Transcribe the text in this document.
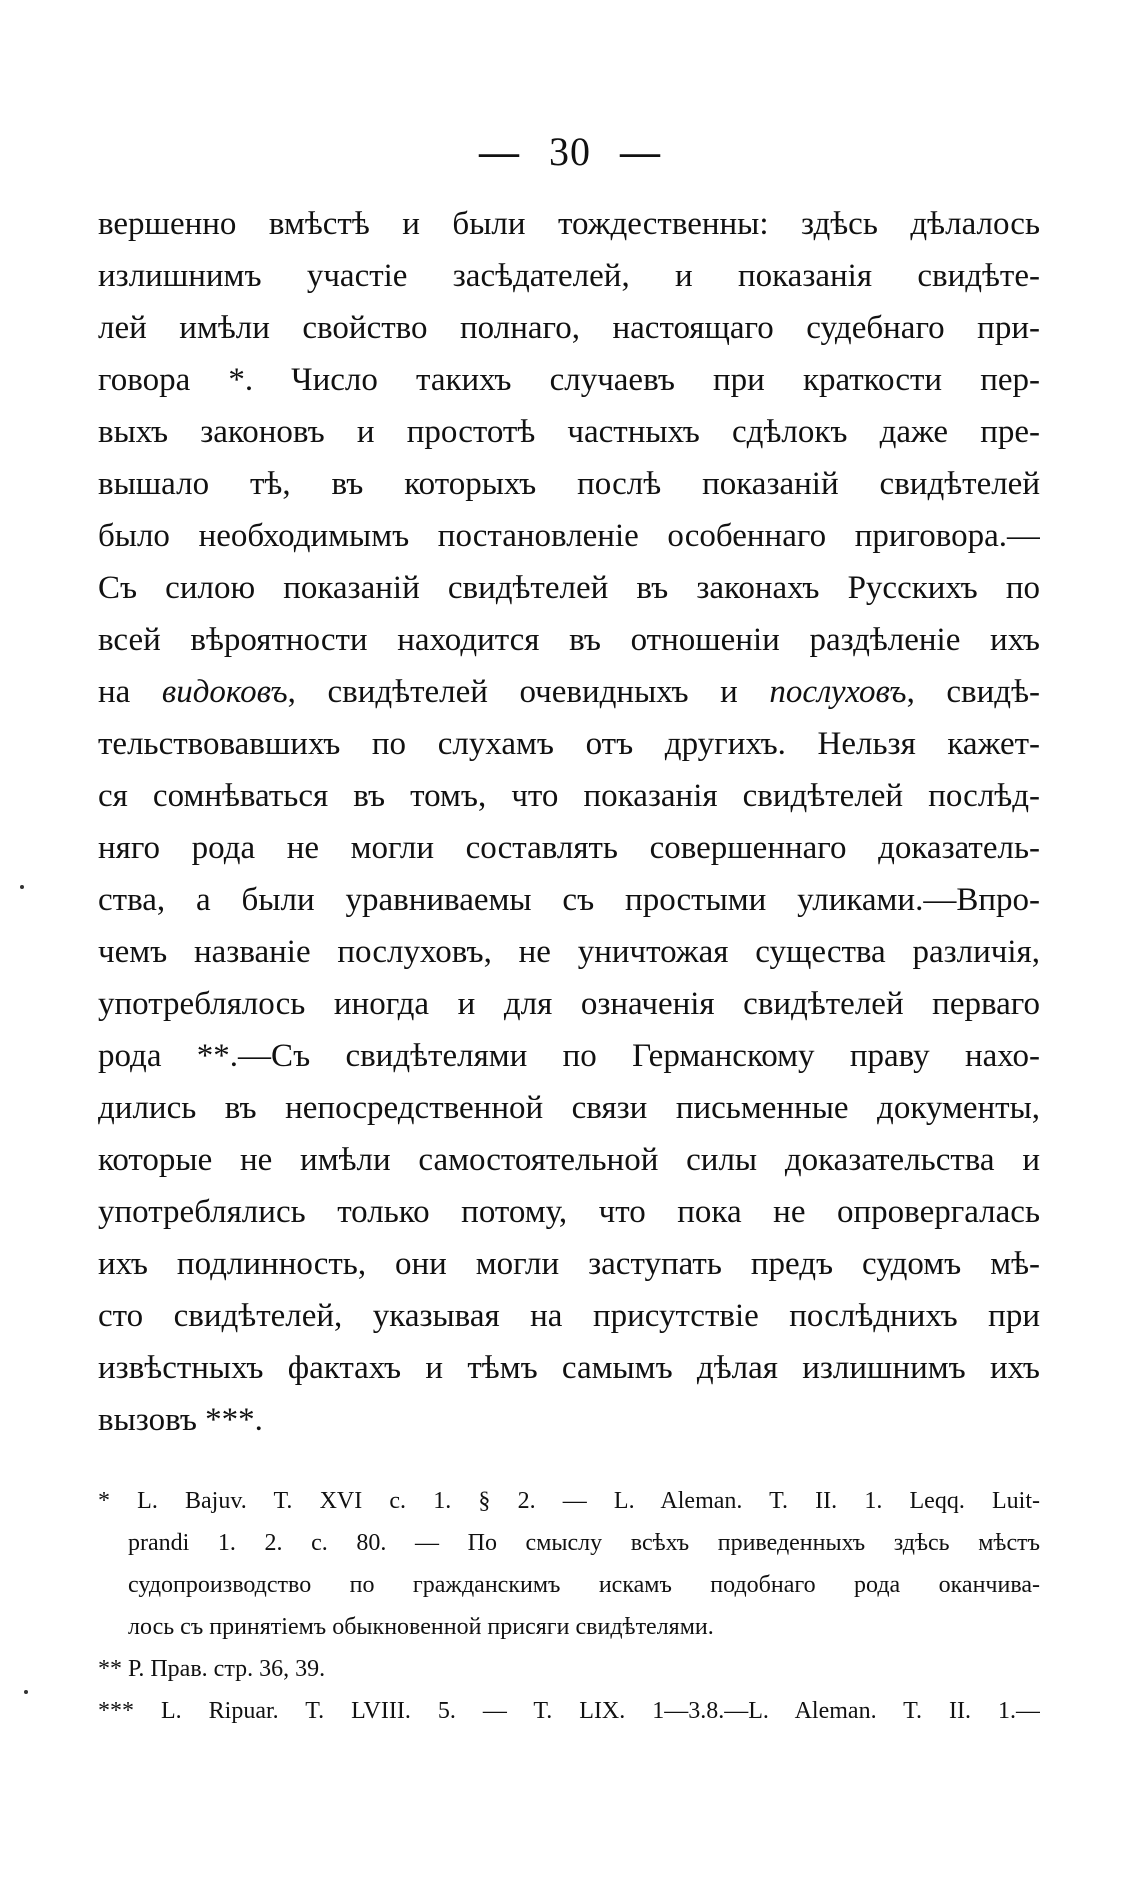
— 30 —
вершенно вмѣстѣ и были тождественны: здѣсь дѣлалось
излишнимъ участіе засѣдателей, и показанія свидѣте-
лей имѣли свойство полнаго, настоящаго судебнаго при-
говора *. Число такихъ случаевъ при краткости пер-
выхъ законовъ и простотѣ частныхъ сдѣлокъ даже пре-
вышало тѣ, въ которыхъ послѣ показаній свидѣтелей
было необходимымъ постановленіе особеннаго приговора.—
Съ силою показаній свидѣтелей въ законахъ Русскихъ по
всей вѣроятности находится въ отношеніи раздѣленіе ихъ
на видоковъ, свидѣтелей очевидныхъ и послуховъ, свидѣ-
тельствовавшихъ по слухамъ отъ другихъ. Нельзя кажет-
ся сомнѣваться въ томъ, что показанія свидѣтелей послѣд-
няго рода не могли составлять совершеннаго доказатель-
ства, а были уравниваемы съ простыми уликами.—Впро-
чемъ названіе послуховъ, не уничтожая существа различія,
употреблялось иногда и для означенія свидѣтелей перваго
рода **.—Съ свидѣтелями по Германскому праву нахо-
дились въ непосредственной связи письменные документы,
которые не имѣли самостоятельной силы доказательства и
употреблялись только потому, что пока не опровергалась
ихъ подлинность, они могли заступать предъ судомъ мѣ-
сто свидѣтелей, указывая на присутствіе послѣднихъ при
извѣстныхъ фактахъ и тѣмъ самымъ дѣлая излишнимъ ихъ
вызовъ ***.
* L. Bajuv. T. XVI c. 1. § 2. — L. Aleman. T. II. 1. Leqq. Luit-
prandi 1. 2. c. 80. — По смыслу всѣхъ приведенныхъ здѣсь мѣстъ
судопроизводство по гражданскимъ искамъ подобнаго рода оканчива-
лось съ принятіемъ обыкновенной присяги свидѣтелями.
** Р. Прав. стр. 36, 39.
*** L. Ripuar. T. LVIII. 5. — T. LIX. 1—3.8.—L. Aleman. T. II. 1.—
